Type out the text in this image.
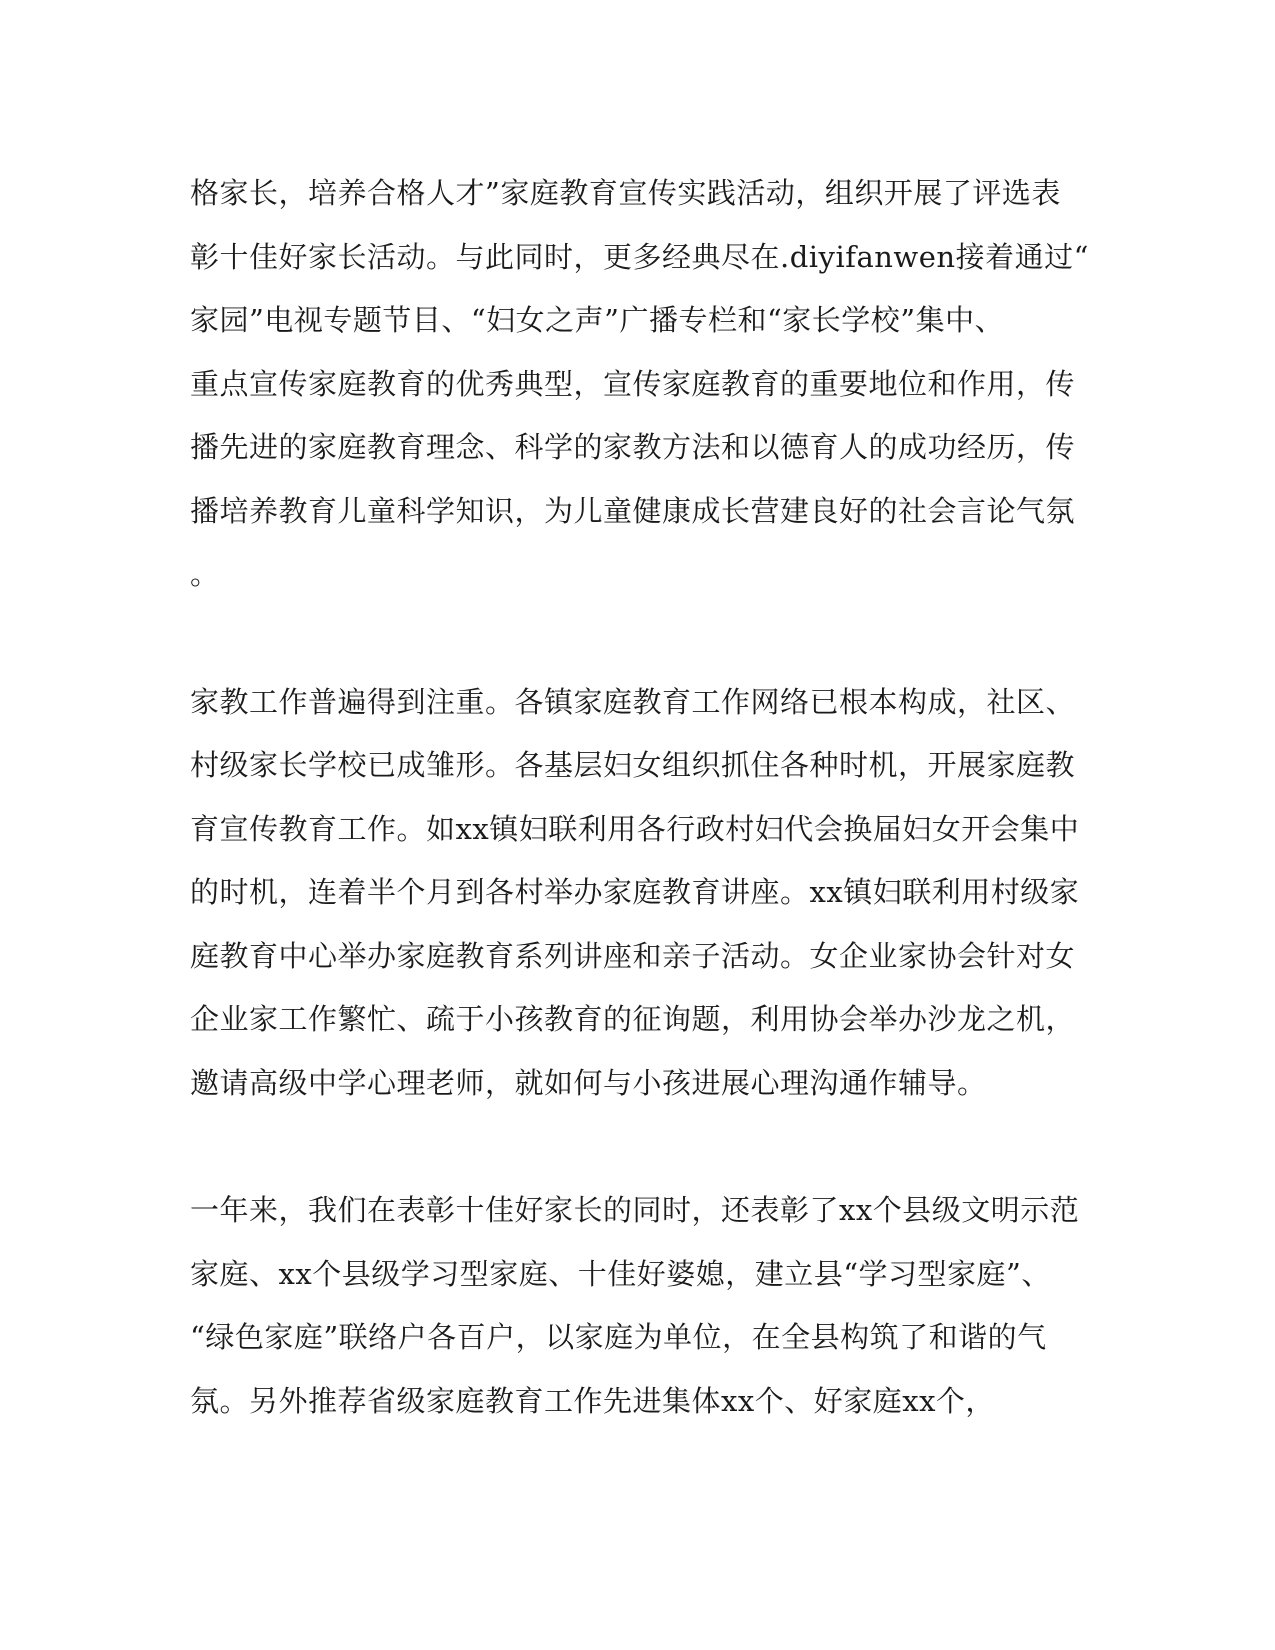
格家长，培养合格人才”家庭教育宣传实践活动，组织开展了评选表
彰十佳好家长活动。与此同时，更多经典尽在.diyifanwen接着通过“
家园”电视专题节目、“妇女之声”广播专栏和“家长学校”集中、
重点宣传家庭教育的优秀典型，宣传家庭教育的重要地位和作用，传
播先进的家庭教育理念、科学的家教方法和以德育人的成功经历，传
播培养教育儿童科学知识，为儿童健康成长营建良好的社会言论气氛
。
家教工作普遍得到注重。各镇家庭教育工作网络已根本构成，社区、
村级家长学校已成雏形。各基层妇女组织抓住各种时机，开展家庭教
育宣传教育工作。如xx镇妇联利用各行政村妇代会换届妇女开会集中
的时机，连着半个月到各村举办家庭教育讲座。xx镇妇联利用村级家
庭教育中心举办家庭教育系列讲座和亲子活动。女企业家协会针对女
企业家工作繁忙、疏于小孩教育的征询题，利用协会举办沙龙之机，
邀请高级中学心理老师，就如何与小孩进展心理沟通作辅导。
一年来，我们在表彰十佳好家长的同时，还表彰了xx个县级文明示范
家庭、xx个县级学习型家庭、十佳好婆媳，建立县“学习型家庭”、
“绿色家庭”联络户各百户，以家庭为单位，在全县构筑了和谐的气
氛。另外推荐省级家庭教育工作先进集体xx个、好家庭xx个，
